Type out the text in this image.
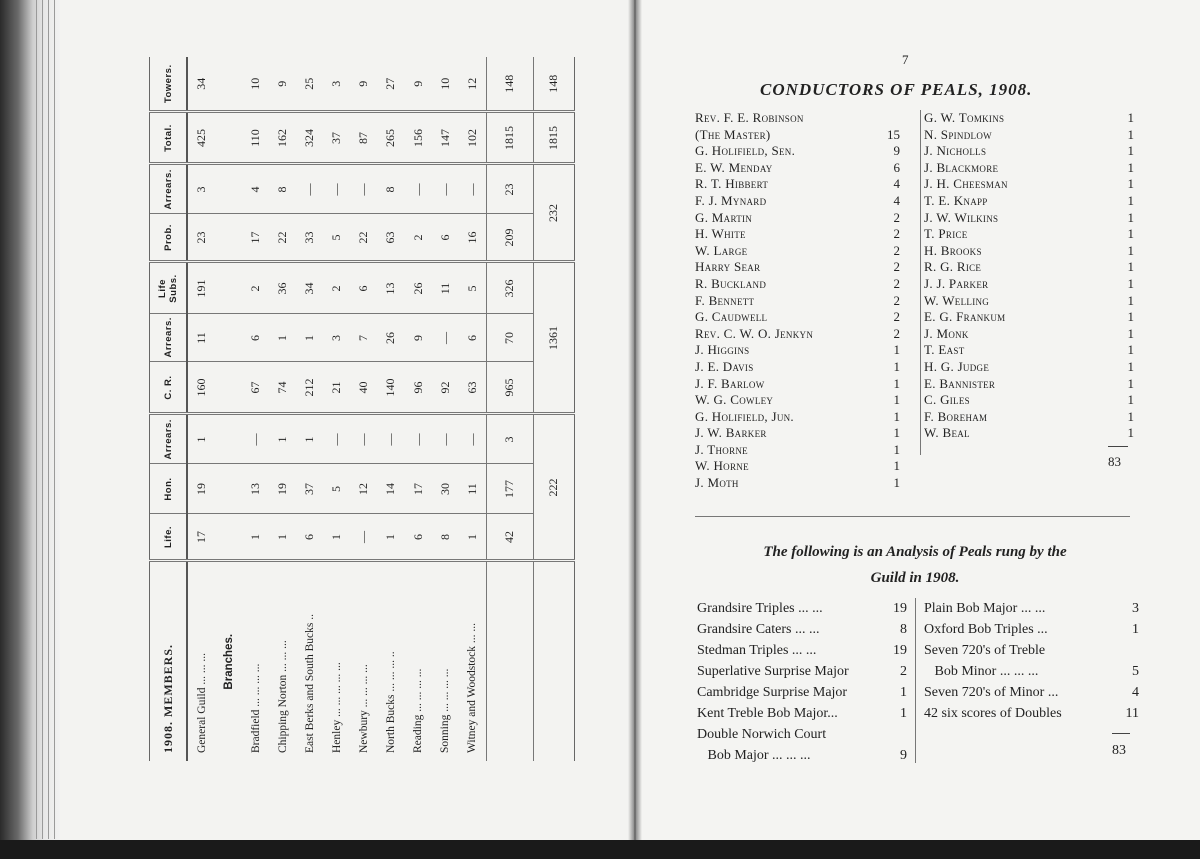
1908. MEMBERS.	Life.	Hon.	Arrears.	C. R.	Arrears.	Life Subs.	Prob.	Arrears.	Total.	Towers.
General Guild ... ... ...	17	19	1	160	11	191	23	3	425	34
Branches.										
Bradfield ... ... ... ...	1	13	—	67	6	2	17	4	110	10
Chipping Norton ... ... ...	1	19	1	74	1	36	22	8	162	9
East Berks and South Bucks ..	6	37	1	212	1	34	33	—	324	25
Henley ... ... ... ... ...	1	5	—	21	3	2	5	—	37	3
Newbury ... ... ... ...	—	12	—	40	7	6	22	—	87	9
North Bucks ... ... ... ..	1	14	—	140	26	13	63	8	265	27
Reading ... ... ... ...	6	17	—	96	9	26	2	—	156	9
Sonning ... ... ... ...	8	30	—	92	—	11	6	—	147	10
Witney and Woodstock ... ...	1	11	—	63	6	5	16	—	102	12
	42	177	3	965	70	326	209	23	1815	148
	222			1361			232		1815	148
7
CONDUCTORS OF PEALS, 1908.
Rev. F. E. Robinson
(The Master)	15
G. Holifield, Sen.	9
E. W. Menday	6
R. T. Hibbert	4
F. J. Mynard	4
G. Martin	2
H. White	2
W. Large	2
Harry Sear	2
R. Buckland	2
F. Bennett	2
G. Caudwell	2
Rev. C. W. O. Jenkyn	2
J. Higgins	1
J. E. Davis	1
J. F. Barlow	1
W. G. Cowley	1
G. Holifield, Jun.	1
J. W. Barker	1
J. Thorne	1
W. Horne	1
J. Moth	1
G. W. Tomkins	1
N. Spindlow	1
J. Nicholls	1
J. Blackmore	1
J. H. Cheesman	1
T. E. Knapp	1
J. W. Wilkins	1
T. Price	1
H. Brooks	1
R. G. Rice	1
J. J. Parker	1
W. Welling	1
E. G. Frankum	1
J. Monk	1
T. East	1
H. G. Judge	1
E. Bannister	1
C. Giles	1
F. Boreham	1
W. Beal	1
83
The following is an Analysis of Peals rung by the
Guild in 1908.
Grandsire Triples ... ...	19
Grandsire Caters ... ...	8
Stedman Triples ... ...	19
Superlative Surprise Major	2
Cambridge Surprise Major	1
Kent Treble Bob Major...	1
Double Norwich Court
Bob Major ... ... ...	9
Plain Bob Major ... ...	3
Oxford Bob Triples ...	1
Seven 720's of Treble
Bob Minor ... ... ...	5
Seven 720's of Minor ...	4
42 six scores of Doubles	11
83
